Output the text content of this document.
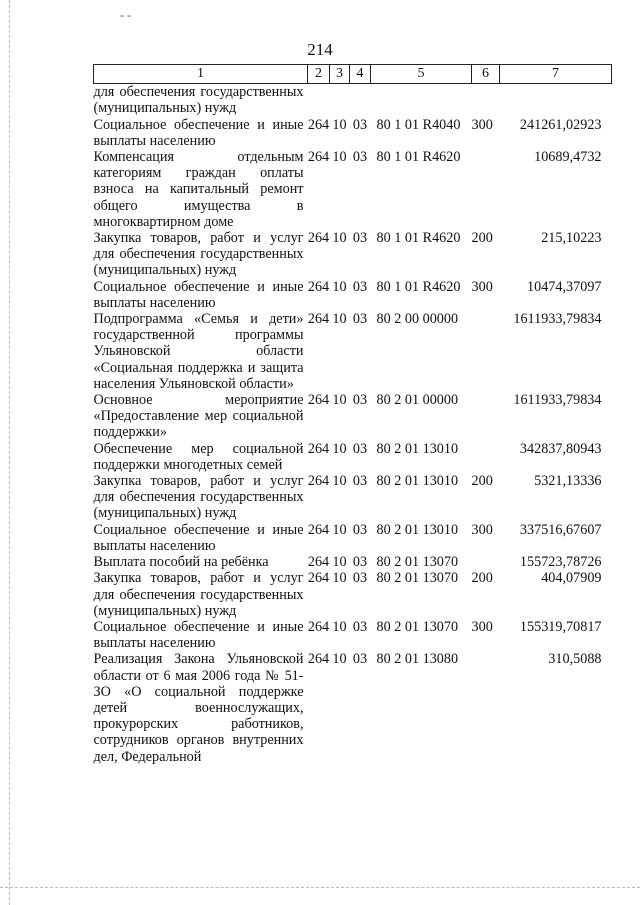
- -
214
1	2	3	4	5	6	7
для обеспечения государственных (муниципальных) нужд						
Социальное обеспечение и иные выплаты населению	264	10	03	80 1 01 R4040	300	241261,02923
Компенсация отдельным категориям граждан оплаты взноса на капитальный ремонт общего имущества в многоквартирном доме	264	10	03	80 1 01 R4620		10689,4732
Закупка товаров, работ и услуг для обеспечения государственных (муниципальных) нужд	264	10	03	80 1 01 R4620	200	215,10223
Социальное обеспечение и иные выплаты населению	264	10	03	80 1 01 R4620	300	10474,37097
Подпрограмма «Семья и дети» государственной программы Ульяновской области «Социальная поддержка и защита населения Ульяновской области»	264	10	03	80 2 00 00000		1611933,79834
Основное мероприятие «Предоставление мер социальной поддержки»	264	10	03	80 2 01 00000		1611933,79834
Обеспечение мер социальной поддержки многодетных семей	264	10	03	80 2 01 13010		342837,80943
Закупка товаров, работ и услуг для обеспечения государственных (муниципальных) нужд	264	10	03	80 2 01 13010	200	5321,13336
Социальное обеспечение и иные выплаты населению	264	10	03	80 2 01 13010	300	337516,67607
Выплата пособий на ребёнка	264	10	03	80 2 01 13070		155723,78726
Закупка товаров, работ и услуг для обеспечения государственных (муниципальных) нужд	264	10	03	80 2 01 13070	200	404,07909
Социальное обеспечение и иные выплаты населению	264	10	03	80 2 01 13070	300	155319,70817
Реализация Закона Ульяновской области от 6 мая 2006 года № 51-ЗО «О социальной поддержке детей военнослужащих, прокурорских работников, сотрудников органов внутренних дел, Федеральной	264	10	03	80 2 01 13080		310,5088
